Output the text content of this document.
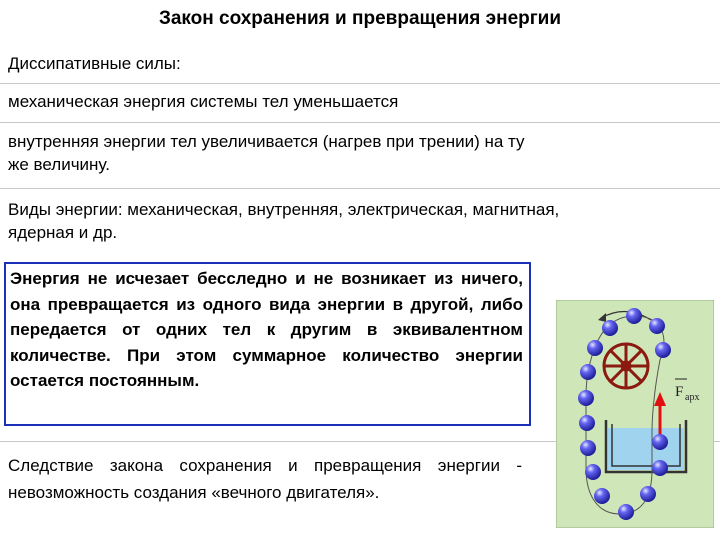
Закон сохранения и превращения энергии
Диссипативные силы:
механическая энергия системы тел уменьшается
внутренняя энергии тел увеличивается (нагрев при трении) на ту же величину.
Виды энергии: механическая, внутренняя, электрическая, магнитная, ядерная и др.
Энергия не исчезает бесследно и не возникает из ничего, она превращается из одного вида энергии в другой, либо передается от одних тел к другим в эквивалентном количестве. При этом суммарное количество энергии остается постоянным.
Следствие закона сохранения и превращения энергии - невозможность создания «вечного двигателя».
F арх
